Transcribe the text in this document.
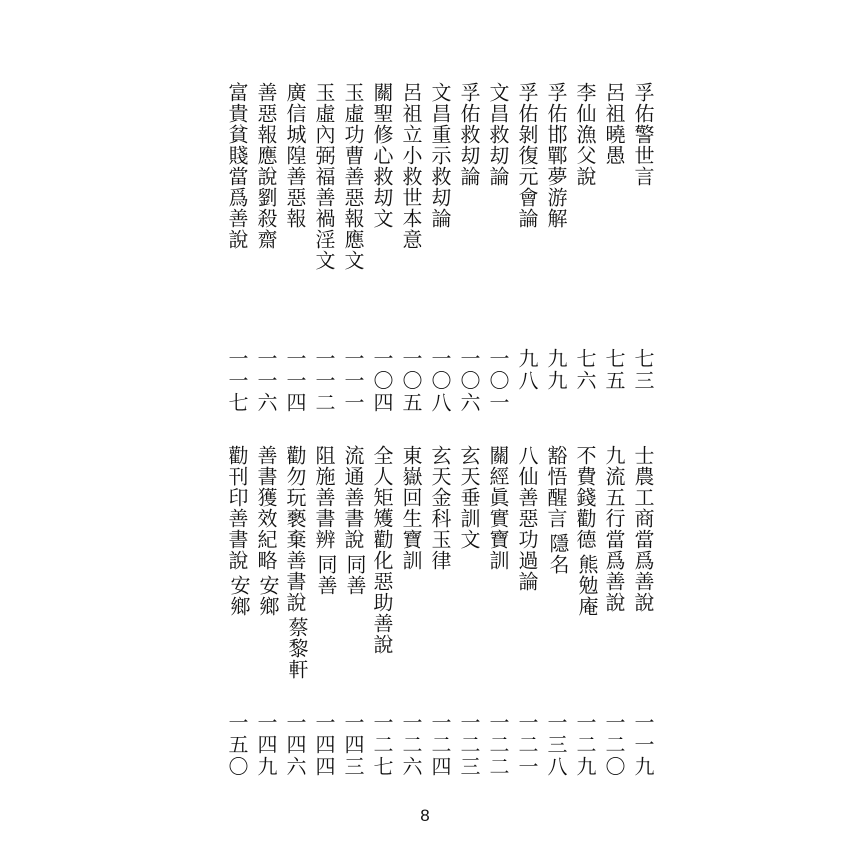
孚佑警世言
七三
呂祖曉愚
七五
李仙漁父說
七六
孚佑邯鄲夢游解
九九
孚佑剝復元會論
九八
文昌救刧論
一〇一
孚佑救刧論
一〇六
文昌重示救刧論
一〇八
呂祖立小救世本意
一〇五
關聖修心救刧文
一〇四
玉虛功曹善惡報應文
一一一
玉虛內弼福善禍淫文
一一二
廣信城隍善惡報
一一四
善惡報應說劉殺齋
一一六
富貴貧賤當爲善說
一一七
士農工商當爲善說
一一九
九流五行當爲善說
一二〇
不費錢勸德
熊勉庵
一二九
豁悟醒言
隱名
一三八
八仙善惡功過論
一二一
關經眞實寶訓
一二二
玄天垂訓文
一二三
玄天金科玉律
一二四
東嶽回生寶訓
一二六
全人矩矱勸化惡助善說
一二七
流通善書說
同善
一四三
阻施善書辨
同善
一四四
勸勿玩褻棄善書說
蔡黎軒
一四六
善書獲效紀略
安鄉
一四九
勸刊印善書說
安鄉
一五〇
8
